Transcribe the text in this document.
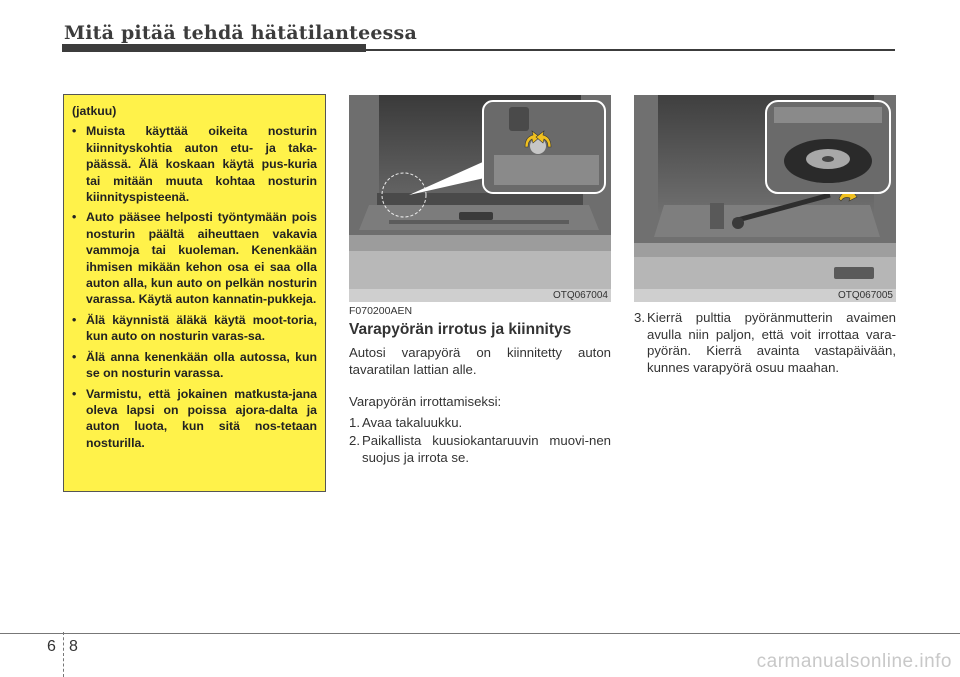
Mitä pitää tehdä hätätilanteessa
(jatkuu)
• Muista käyttää oikeita nosturin kiinnityskohtia auton etu- ja taka-päässä. Älä koskaan käytä pus-kuria tai mitään muuta kohtaa nosturin kiinnityspisteenä.
• Auto pääsee helposti työntymään pois nosturin päältä aiheuttaen vakavia vammoja tai kuoleman. Kenenkään ihmisen mikään kehon osa ei saa olla auton alla, kun auto on pelkän nosturin varassa. Käytä auton kannatin-pukkeja.
• Älä käynnistä äläkä käytä moot-toria, kun auto on nosturin varas-sa.
• Älä anna kenenkään olla autossa, kun se on nosturin varassa.
• Varmistu, että jokainen matkusta-jana oleva lapsi on poissa ajora-dalta ja auton luota, kun sitä nos-tetaan nosturilla.
OTQ067004	OTQ067005
F070200AEN
Varapyörän irrotus ja kiinnitys
Autosi varapyörä on kiinnitetty auton tavaratilan lattian alle.
Varapyörän irrottamiseksi:
1. Avaa takaluukku.
2. Paikallista kuusiokantaruuvin muovi-nen suojus ja irrota se.
3. Kierrä pulttia pyöränmutterin avaimen avulla niin paljon, että voit irrottaa vara-pyörän. Kierrä avainta vastapäivään, kunnes varapyörä osuu maahan.
6 8
carmanualsonline.info
